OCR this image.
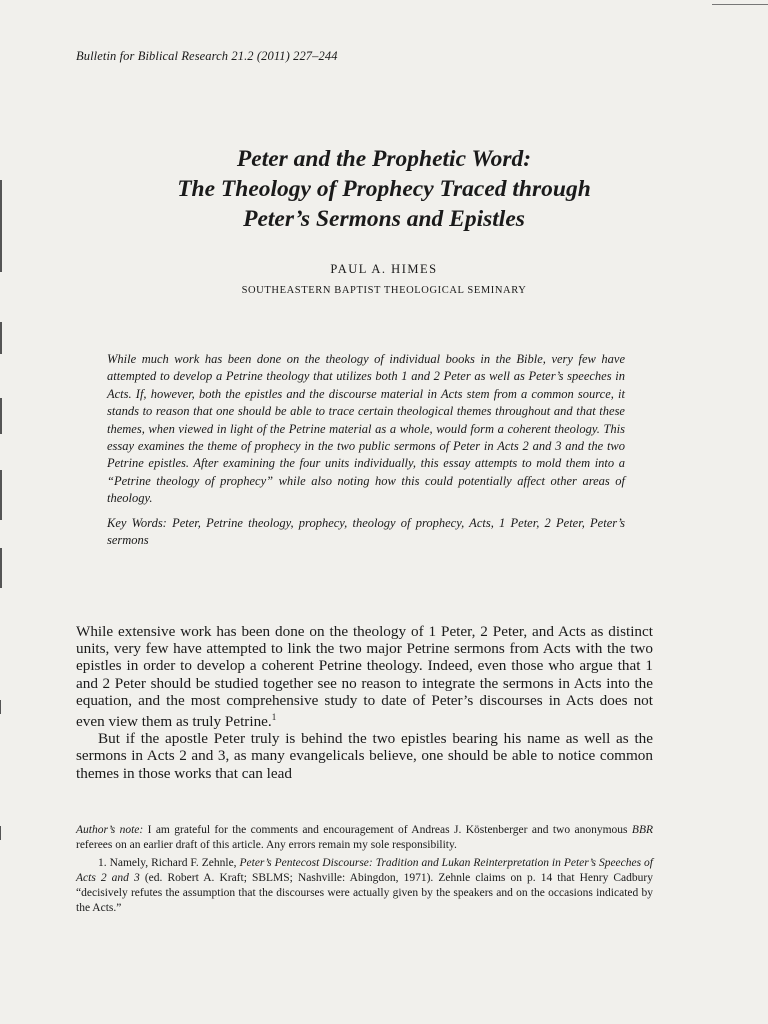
Bulletin for Biblical Research 21.2 (2011) 227–244
Peter and the Prophetic Word:
The Theology of Prophecy Traced through
Peter’s Sermons and Epistles
PAUL A. HIMES
SOUTHEASTERN BAPTIST THEOLOGICAL SEMINARY

While much work has been done on the theology of individual books in the Bible, very few have attempted to develop a Petrine theology that utilizes both 1 and 2 Peter as well as Peter’s speeches in Acts. If, however, both the epistles and the discourse material in Acts stem from a common source, it stands to reason that one should be able to trace certain theological themes throughout and that these themes, when viewed in light of the Petrine material as a whole, would form a coherent theology. This essay examines the theme of prophecy in the two public sermons of Peter in Acts 2 and 3 and the two Petrine epistles. After examining the four units individually, this essay attempts to mold them into a “Petrine theology of prophecy” while also noting how this could potentially affect other areas of theology.

Key Words: Peter, Petrine theology, prophecy, theology of prophecy, Acts, 1 Peter, 2 Peter, Peter’s sermons

While extensive work has been done on the theology of 1 Peter, 2 Peter, and Acts as distinct units, very few have attempted to link the two major Petrine sermons from Acts with the two epistles in order to develop a coherent Petrine theology. Indeed, even those who argue that 1 and 2 Peter should be studied together see no reason to integrate the sermons in Acts into the equation, and the most comprehensive study to date of Peter’s discourses in Acts does not even view them as truly Petrine.$^1$

But if the apostle Peter truly is behind the two epistles bearing his name as well as the sermons in Acts 2 and 3, as many evangelicals believe, one should be able to notice common themes in those works that can lead

Author’s note: I am grateful for the comments and encouragement of Andreas J. Köstenberger and two anonymous BBR referees on an earlier draft of this article. Any errors remain my sole responsibility.

1. Namely, Richard F. Zehnle, Peter’s Pentecost Discourse: Tradition and Lukan Reinterpretation in Peter’s Speeches of Acts 2 and 3 (ed. Robert A. Kraft; SBLMS; Nashville: Abingdon, 1971). Zehnle claims on p. 14 that Henry Cadbury “decisively refutes the assumption that the discourses were actually given by the speakers and on the occasions indicated by the Acts.”
